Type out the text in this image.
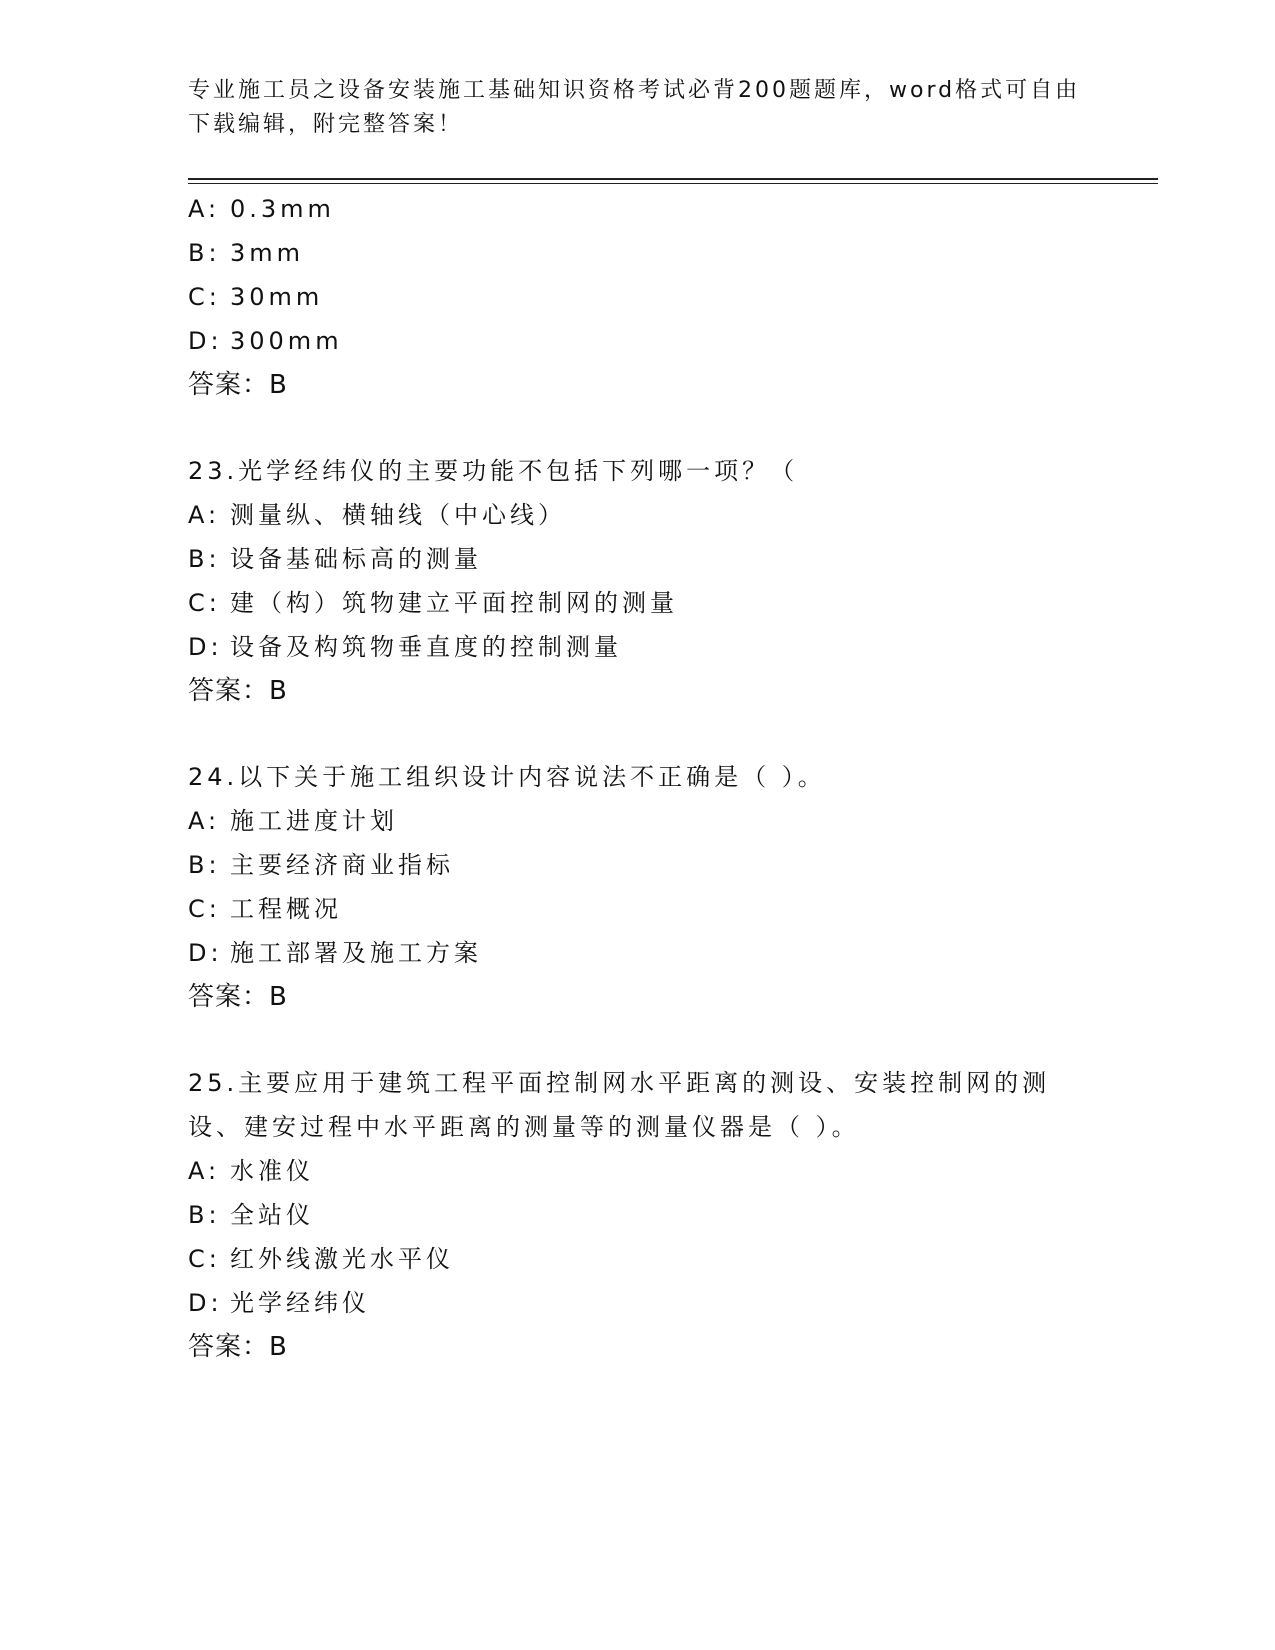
专业施工员之设备安装施工基础知识资格考试必背200题题库，word格式可自由下载编辑，附完整答案！
A: 0.3mm
B: 3mm
C: 30mm
D: 300mm
答案：B
23.光学经纬仪的主要功能不包括下列哪一项？（
A: 测量纵、横轴线（中心线）
B: 设备基础标高的测量
C: 建（构）筑物建立平面控制网的测量
D: 设备及构筑物垂直度的控制测量
答案：B
24.以下关于施工组织设计内容说法不正确是（ ）。
A: 施工进度计划
B: 主要经济商业指标
C: 工程概况
D: 施工部署及施工方案
答案：B
25.主要应用于建筑工程平面控制网水平距离的测设、安装控制网的测
设、建安过程中水平距离的测量等的测量仪器是（ ）。
A: 水准仪
B: 全站仪
C: 红外线激光水平仪
D: 光学经纬仪
答案：B
